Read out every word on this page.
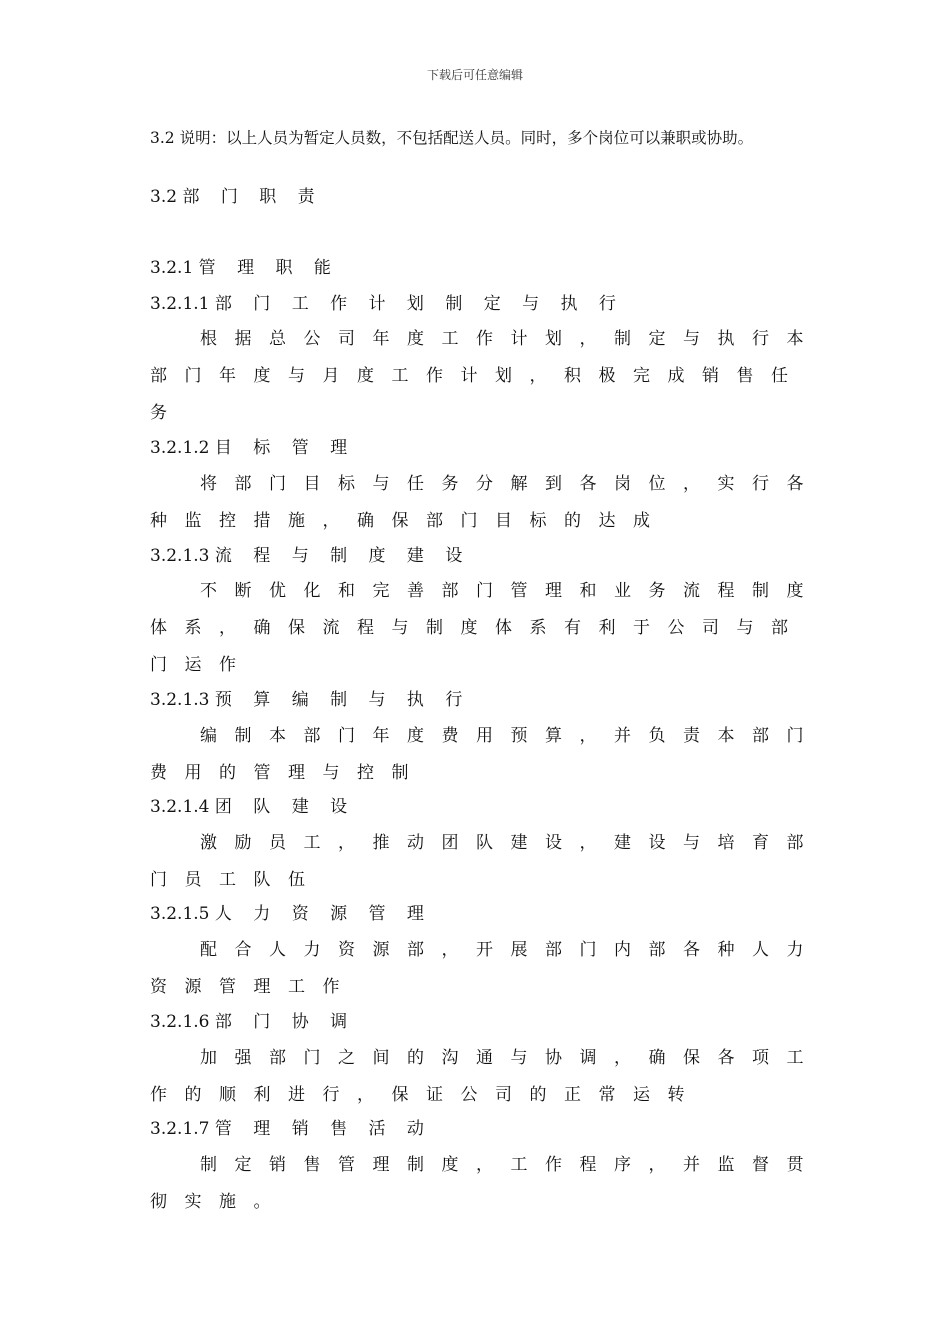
下载后可任意编辑
3.2 说明：以上人员为暂定人员数，不包括配送人员。同时，多个岗位可以兼职或协助。
3.2 部 门 职 责
3.2.1 管 理 职 能
3.2.1.1 部 门 工 作 计 划 制 定 与 执 行
根据总公司年度工作计划，制定与执行本
部门年度与月度工作计划，积极完成销售任
务
3.2.1.2 目 标 管 理
将部门目标与任务分解到各岗位，实行各
种监控措施，确保部门目标的达成
3.2.1.3 流 程 与 制 度 建 设
不断优化和完善部门管理和业务流程制度
体系，确保流程与制度体系有利于公司与部
门运作
3.2.1.3 预 算 编 制 与 执 行
编制本部门年度费用预算，并负责本部门
费用的管理与控制
3.2.1.4 团 队 建 设
激励员工，推动团队建设，建设与培育部
门员工队伍
3.2.1.5 人 力 资 源 管 理
配合人力资源部，开展部门内部各种人力
资源管理工作
3.2.1.6 部 门 协 调
加强部门之间的沟通与协调，确保各项工
作的顺利进行，保证公司的正常运转
3.2.1.7 管 理 销 售 活 动
制定销售管理制度，工作程序，并监督贯
彻实施。
